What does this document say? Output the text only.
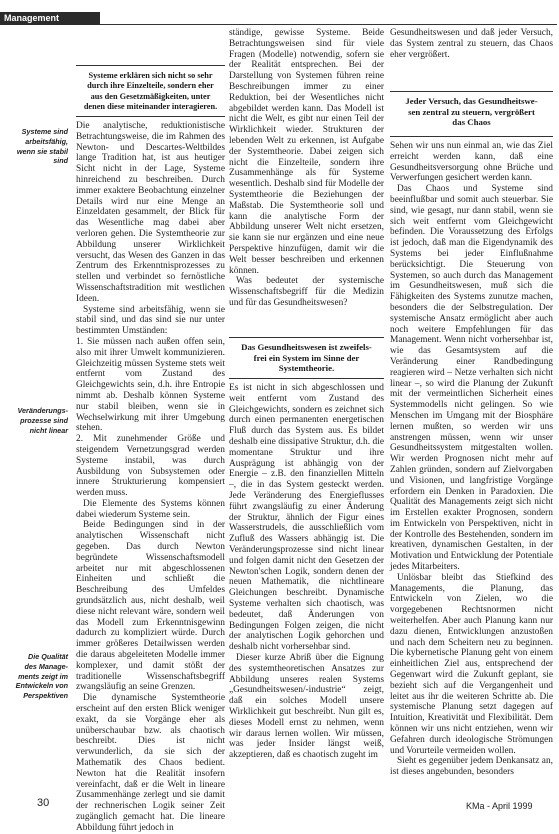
Management
Systeme sind
arbeitsfähig,
wenn sie stabil
sind
Veränderungs-
prozesse sind
nicht linear
Die Qualität
des Manage-
ments zeigt im
Entwickeln von
Perspektiven
Systeme erklären sich nicht so sehr
durch ihre Einzelteile, sondern eher
aus den Gesetzmäßigkeiten, unter
denen diese miteinander interagieren.

Die analytische, reduktionistische Betrachtungsweise, die im Rahmen des Newton- und Descartes-Weltbildes lange Tradition hat, ist aus heutiger Sicht nicht in der Lage, Systeme hinreichend zu beschreiben. Durch immer exaktere Beobachtung einzelner Details wird nur eine Menge an Einzeldaten gesammelt, der Blick für das Wesentliche mag dabei aber verloren gehen. Die Systemtheorie zur Abbildung unserer Wirklichkeit versucht, das Wesen des Ganzen in das Zentrum des Erkenntnisprozesses zu stellen und verbindet so fernöstliche Wissenschaftstradition mit westlichen Ideen.

Systeme sind arbeitsfähig, wenn sie stabil sind, und das sind sie nur unter bestimmten Umständen:

1. Sie müssen nach außen offen sein, also mit ihrer Umwelt kommunizieren. Gleichzeitig müssen Systeme stets weit entfernt vom Zustand des Gleichgewichts sein, d.h. ihre Entropie nimmt ab. Deshalb können Systeme nur stabil bleiben, wenn sie in Wechselwirkung mit ihrer Umgebung stehen.

2. Mit zunehmender Größe und steigendem Vernetzungsgrad werden Systeme instabil, was durch Ausbildung von Subsystemen oder innere Strukturierung kompensiert werden muss.

Die Elemente des Systems können dabei wiederum Systeme sein.

Beide Bedingungen sind in der analytischen Wissenschaft nicht gegeben. Das durch Newton begründete Wissenschaftsmodell arbeitet nur mit abgeschlossenen Einheiten und schließt die Beschreibung des Umfeldes grundsätzlich aus, nicht deshalb, weil diese nicht relevant wäre, sondern weil das Modell zum Erkenntnisgewinn dadurch zu kompliziert würde. Durch immer größeres Detailwissen werden die daraus abgeleiteten Modelle immer komplexer, und damit stößt der traditionelle Wissenschaftsbegriff zwangsläufig an seine Grenzen.

Die dynamische Systemtheorie erscheint auf den ersten Blick weniger exakt, da sie Vorgänge eher als unüberschaubar bzw. als chaotisch beschreibt. Dies ist nicht verwunderlich, da sie sich der Mathematik des Chaos bedient. Newton hat die Realität insofern vereinfacht, daß er die Welt in lineare Zusammenhänge zerlegt und sie damit der rechnerischen Logik seiner Zeit zugänglich gemacht hat. Die lineare Abbildung führt jedoch in

ständige, gewisse Systeme. Beide Betrachtungsweisen sind für viele Fragen (Modelle) notwendig, sofern sie der Realität entsprechen. Bei der Darstellung von Systemen führen reine Beschreibungen immer zu einer Reduktion, bei der Wesentliches nicht abgebildet werden kann. Das Modell ist nicht die Welt, es gibt nur einen Teil der Wirklichkeit wieder. Strukturen der lebenden Welt zu erkennen, ist Aufgabe der Systemtheorie. Dabei zeigen sich nicht die Einzelteile, sondern ihre Zusammenhänge als für Systeme wesentlich. Deshalb sind für Modelle der Systemtheorie die Beziehungen der Maßstab. Die Systemtheorie soll und kann die analytische Form der Abbildung unserer Welt nicht ersetzen, sie kann sie nur ergänzen und eine neue Perspektive hinzufügen, damit wir die Welt besser beschreiben und erkennen können.

Was bedeutet der systemische Wissenschaftsbegriff für die Medizin und für das Gesundheitswesen?

Das Gesundheitswesen ist zweifels-
frei ein System im Sinne der
Systemtheorie.

Es ist nicht in sich abgeschlossen und weit entfernt vom Zustand des Gleichgewichts, sondern es zeichnet sich durch einen permanenten energetischen Fluß durch das System aus. Es bildet deshalb eine dissipative Struktur, d.h. die momentane Struktur und ihre Ausprägung ist abhängig von der Energie – z.B. den finanziellen Mitteln –, die in das System gesteckt werden. Jede Veränderung des Energieflusses führt zwangsläufig zu einer Änderung der Struktur, ähnlich der Figur eines Wasserstrudels, die ausschließlich vom Zufluß des Wassers abhängig ist. Die Veränderungsprozesse sind nicht linear und folgen damit nicht den Gesetzen der Newton'schen Logik, sondern denen der neuen Mathematik, die nichtlineare Gleichungen beschreibt. Dynamische Systeme verhalten sich chaotisch, was bedeutet, daß Änderungen von Bedingungen Folgen zeigen, die nicht der analytischen Logik gehorchen und deshalb nicht vorhersehbar sind.

Dieser kurze Abriß über die Eignung des systemtheoretischen Ansatzes zur Abbildung unseres realen Systems „Gesundheitswesen/-industrie“ zeigt, daß ein solches Modell unsere Wirklichkeit gut beschreibt. Nun gilt es, dieses Modell ernst zu nehmen, wenn wir daraus lernen wollen. Wir müssen, was jeder Insider längst weiß, akzeptieren, daß es chaotisch zugeht im

Gesundheitswesen und daß jeder Versuch, das System zentral zu steuern, das Chaos eher vergrößert.

Jeder Versuch, das Gesundheitswe-
sen zentral zu steuern, vergrößert
das Chaos

Sehen wir uns nun einmal an, wie das Ziel erreicht werden kann, daß eine Gesundheitsversorgung ohne Brüche und Verwerfungen gesichert werden kann.

Das Chaos und Systeme sind beeinflußbar und somit auch steuerbar. Sie sind, wie gesagt, nur dann stabil, wenn sie sich weit entfernt vom Gleichgewicht befinden. Die Voraussetzung des Erfolgs ist jedoch, daß man die Eigendynamik des Systems bei jeder Einflußnahme berücksichtigt. Die Steuerung von Systemen, so auch durch das Management im Gesundheitswesen, muß sich die Fähigkeiten des Systems zunutze machen, besonders die der Selbstregulation. Der systemische Ansatz ermöglicht aber auch noch weitere Empfehlungen für das Management. Wenn nicht vorhersehbar ist, wie das Gesamtsystem auf die Veränderung einer Randbedingung reagieren wird – Netze verhalten sich nicht linear –, so wird die Planung der Zukunft mit der vermeintlichen Sicherheit eines Systemmodells nicht gelingen. So wie Menschen im Umgang mit der Biosphäre lernen mußten, so werden wir uns anstrengen müssen, wenn wir unser Gesundheitssystem mitgestalten wollen. Wir werden Prognosen nicht mehr auf Zahlen gründen, sondern auf Zielvorgaben und Visionen, und langfristige Vorgänge erfordern ein Denken in Paradoxien. Die Qualität des Managements zeigt sich nicht im Erstellen exakter Prognosen, sondern im Entwickeln von Perspektiven, nicht in der Kontrolle des Bestehenden, sondern im kreativen, dynamischen Gestalten, in der Motivation und Entwicklung der Potentiale jedes Mitarbeiters.

Unlösbar bleibt das Stiefkind des Managements, die Planung, das Entwickeln von Zielen, wo die vorgegebenen Rechtsnormen nicht weiterhelfen. Aber auch Planung kann nur dazu dienen, Entwicklungen anzustoßen und nach dem Scheitern neu zu beginnen. Die kybernetische Planung geht von einem einheitlichen Ziel aus, entsprechend der Gegenwart wird die Zukunft geplant, sie bezieht sich auf die Vergangenheit und leitet aus ihr die weiteren Schritte ab. Die systemische Planung setzt dagegen auf Intuition, Kreativität und Flexibilität. Dem können wir uns nicht entziehen, wenn wir Gefahren durch ideologische Strömungen und Vorurteile vermeiden wollen.

Sieht es gegenüber jedem Denkansatz an, ist dieses angebunden, besonders

30	KMa - April 1999
